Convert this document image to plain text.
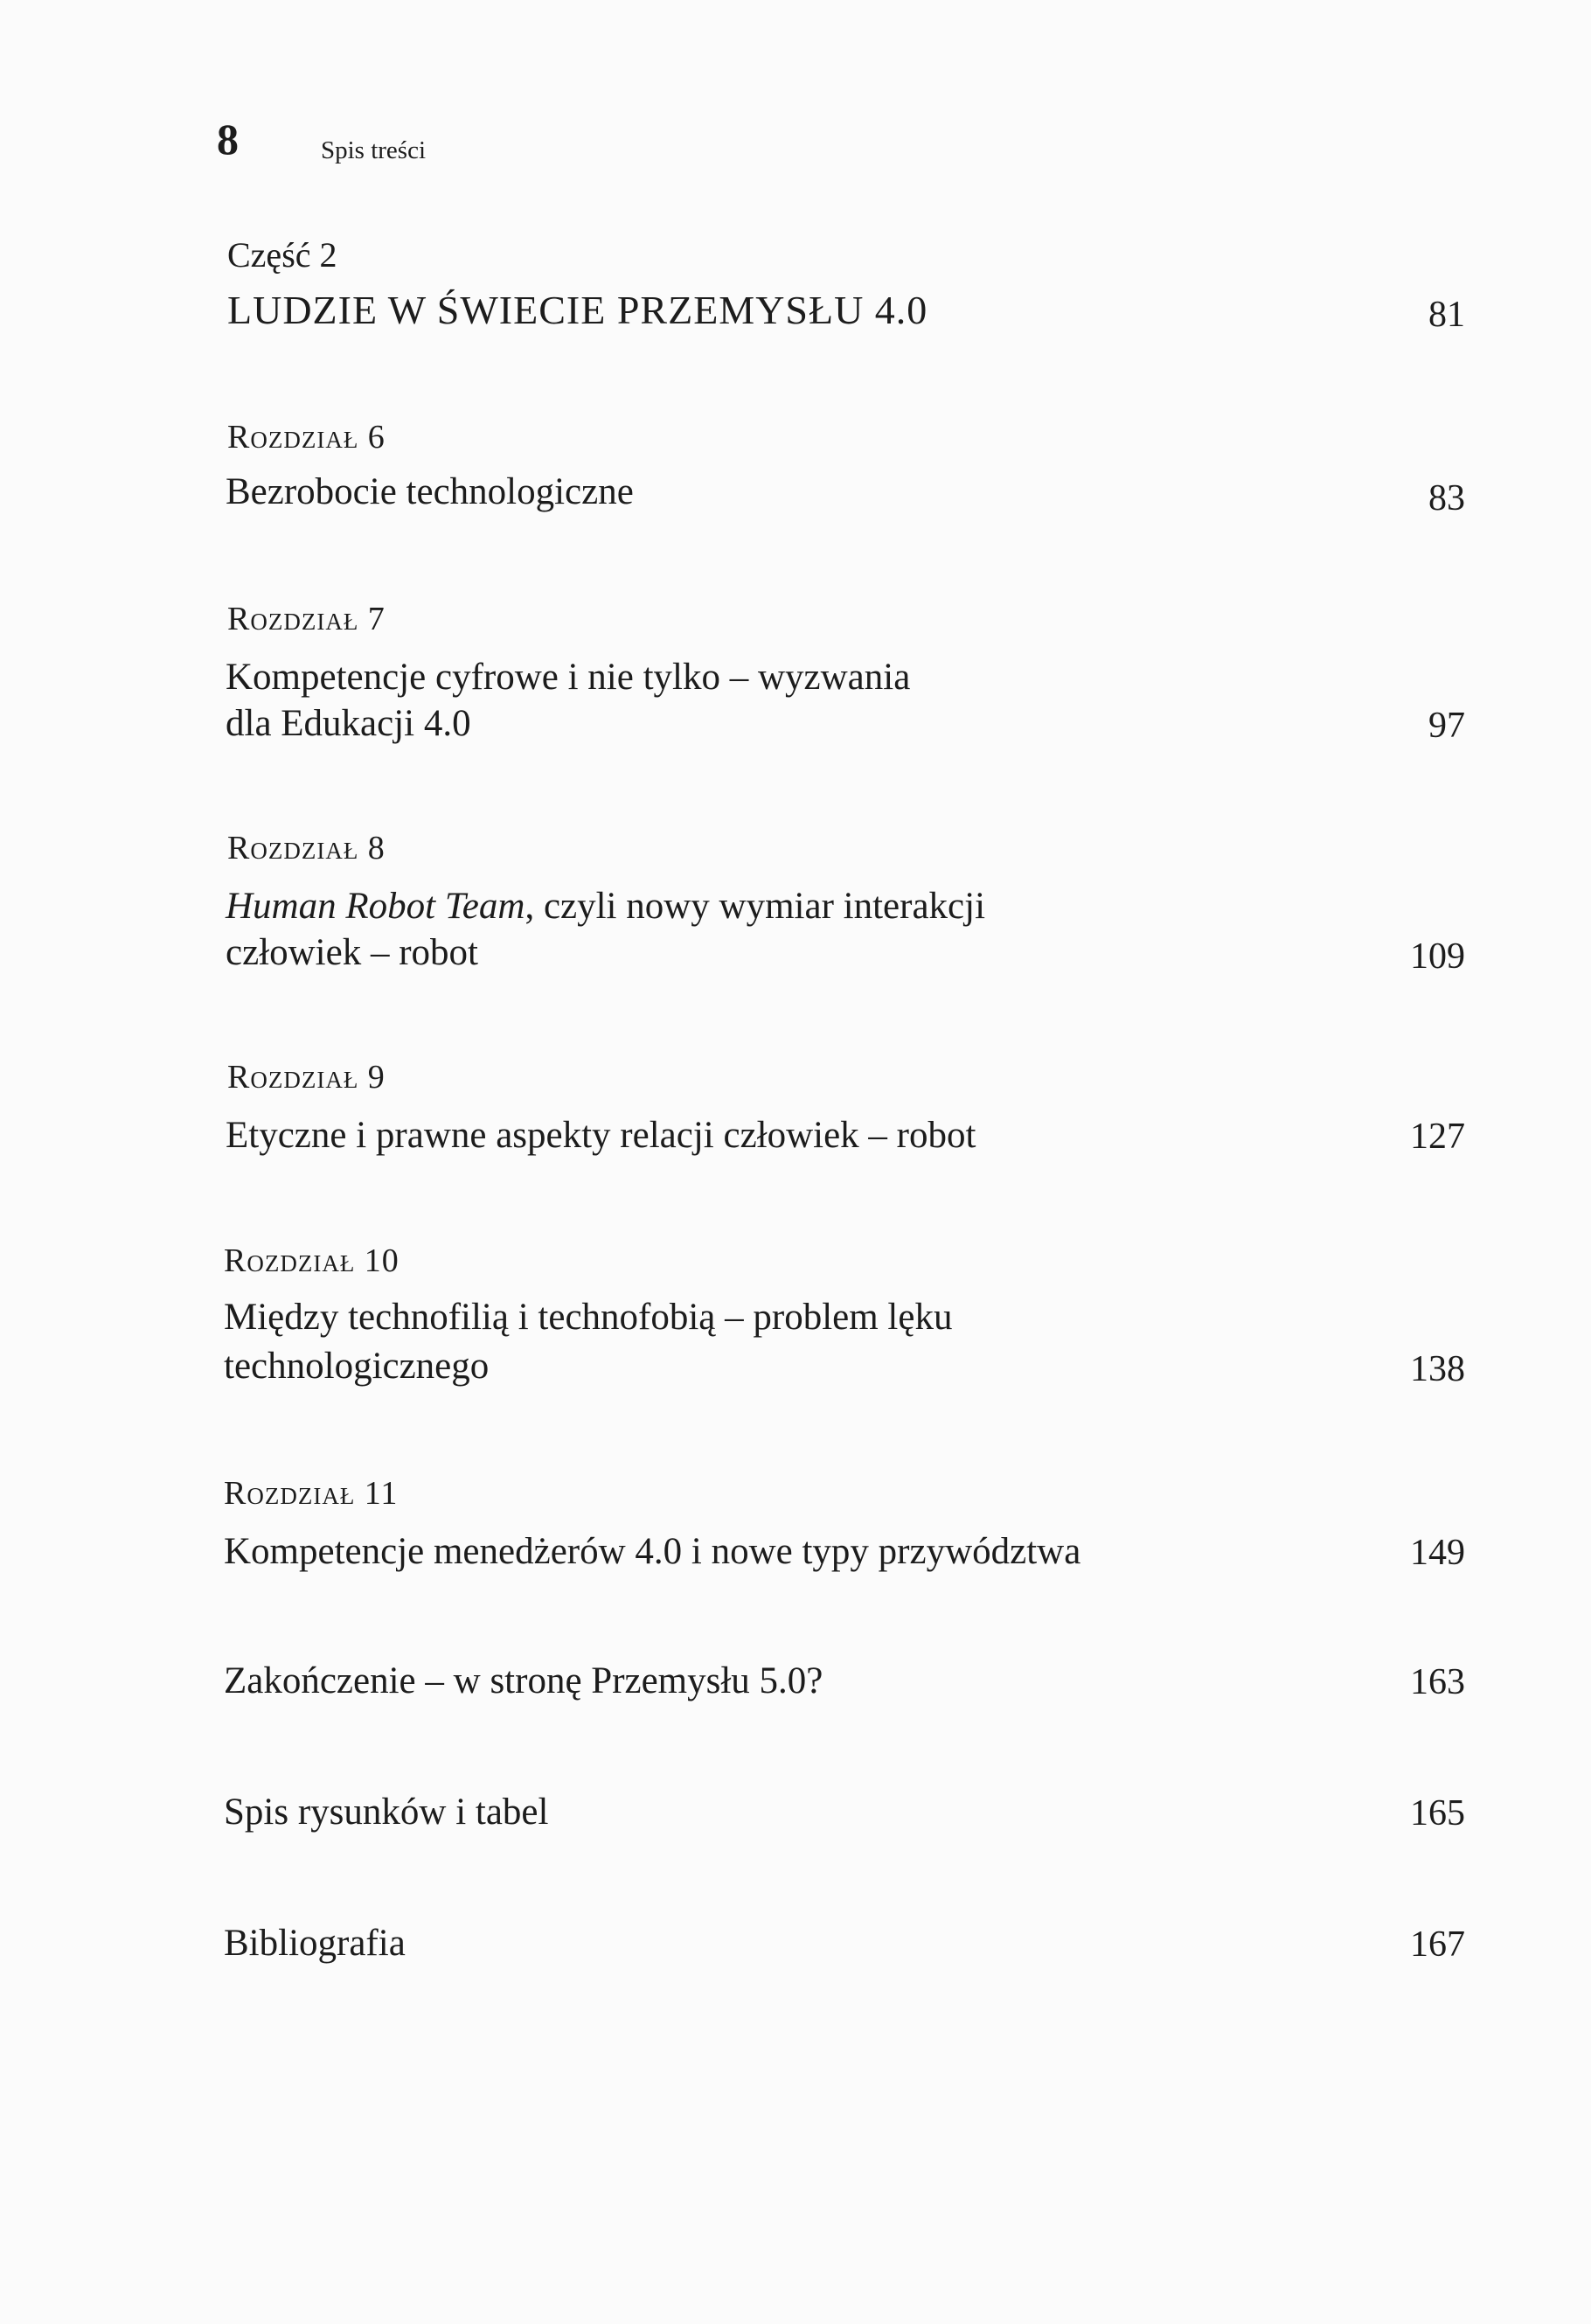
8	Spis treści
Część 2
LUDZIE W ŚWIECIE PRZEMYSŁU 4.0	81
Rozdział 6
Bezrobocie technologiczne	83
Rozdział 7
Kompetencje cyfrowe i nie tylko – wyzwania
dla Edukacji 4.0	97
Rozdział 8
Human Robot Team, czyli nowy wymiar interakcji
człowiek – robot	109
Rozdział 9
Etyczne i prawne aspekty relacji człowiek – robot	127
Rozdział 10
Między technofilią i technofobią – problem lęku
technologicznego	138
Rozdział 11
Kompetencje menedżerów 4.0 i nowe typy przywództwa	149
Zakończenie – w stronę Przemysłu 5.0?	163
Spis rysunków i tabel	165
Bibliografia	167
